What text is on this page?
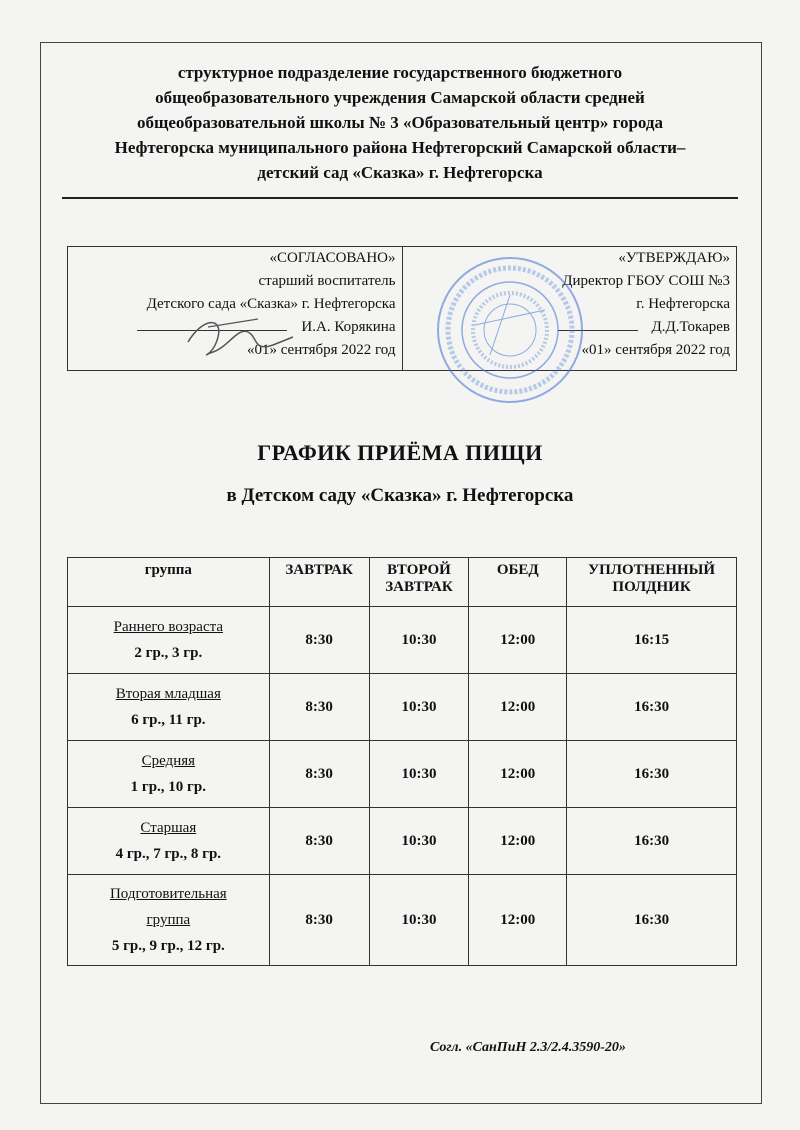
структурное подразделение государственного бюджетного
общеобразовательного учреждения Самарской области средней
общеобразовательной школы № 3 «Образовательный центр» города
Нефтегорска муниципального района Нефтегорский Самарской области–
детский сад «Сказка» г. Нефтегорска
«СОГЛАСОВАНО»
старший воспитатель
Детского сада «Сказка» г. Нефтегорска
И.А. Корякина
«01» сентября 2022 год
«УТВЕРЖДАЮ»
Директор ГБОУ СОШ №3
г. Нефтегорска
Д.Д.Токарев
«01» сентября 2022 год
ГРАФИК ПРИЁМА ПИЩИ
в Детском саду «Сказка» г. Нефтегорска
группа	ЗАВТРАК	ВТОРОЙ ЗАВТРАК	ОБЕД	УПЛОТНЕННЫЙ ПОЛДНИК

Раннего возраста
2 гр., 3 гр.	8:30	10:30	12:00	16:15

Вторая младшая
6 гр., 11 гр.	8:30	10:30	12:00	16:30

Средняя
1 гр., 10 гр.	8:30	10:30	12:00	16:30

Старшая
4 гр., 7 гр., 8 гр.	8:30	10:30	12:00	16:30

Подготовительная
группа
5 гр., 9 гр., 12 гр.	8:30	10:30	12:00	16:30
Согл. «СанПиН 2.3/2.4.3590-20»
